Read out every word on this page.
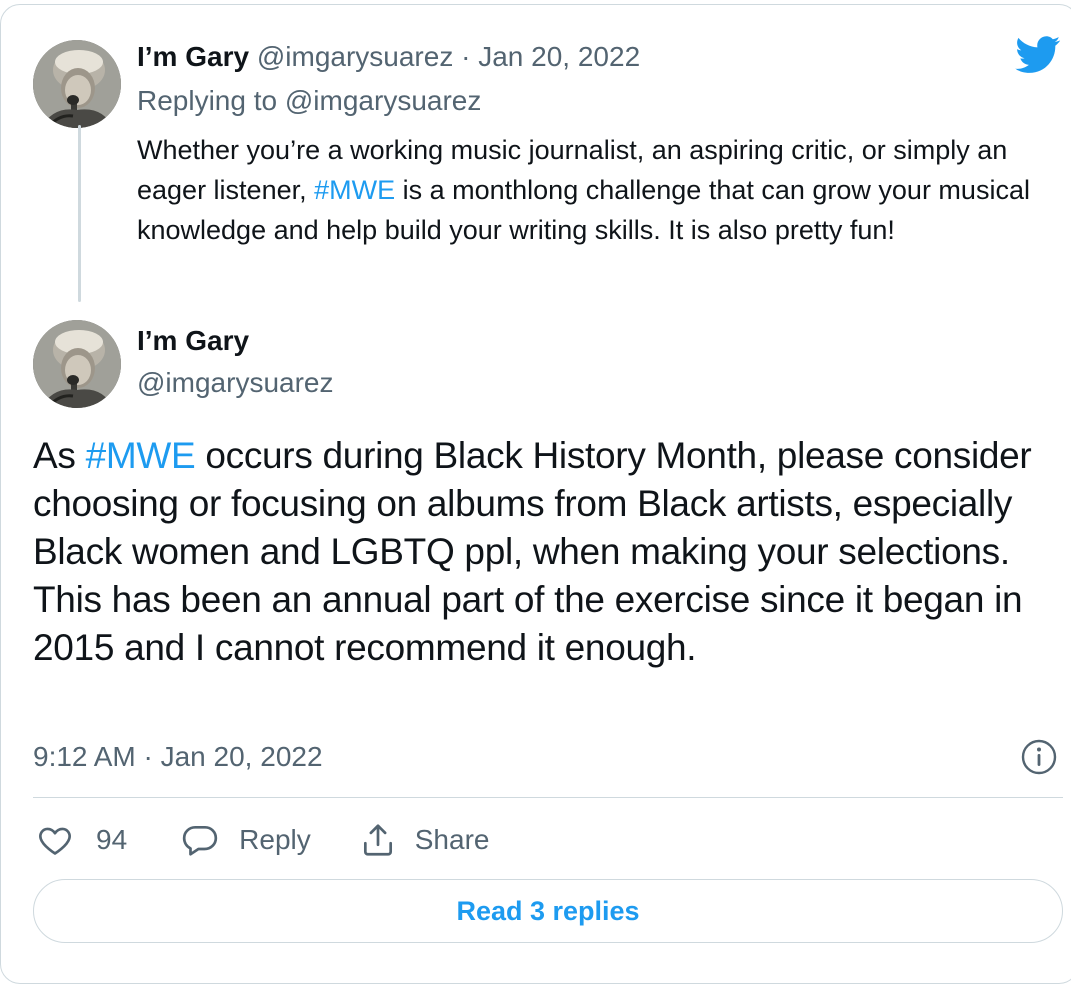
I’m Gary @imgarysuarez · Jan 20, 2022
Replying to @imgarysuarez
Whether you’re a working music journalist, an aspiring critic, or simply an eager listener, #MWE is a monthlong challenge that can grow your musical knowledge and help build your writing skills. It is also pretty fun!
I’m Gary
@imgarysuarez
As #MWE occurs during Black History Month, please consider choosing or focusing on albums from Black artists, especially Black women and LGBTQ ppl, when making your selections. This has been an annual part of the exercise since it began in 2015 and I cannot recommend it enough.
9:12 AM · Jan 20, 2022
94	Reply	Share
Read 3 replies
